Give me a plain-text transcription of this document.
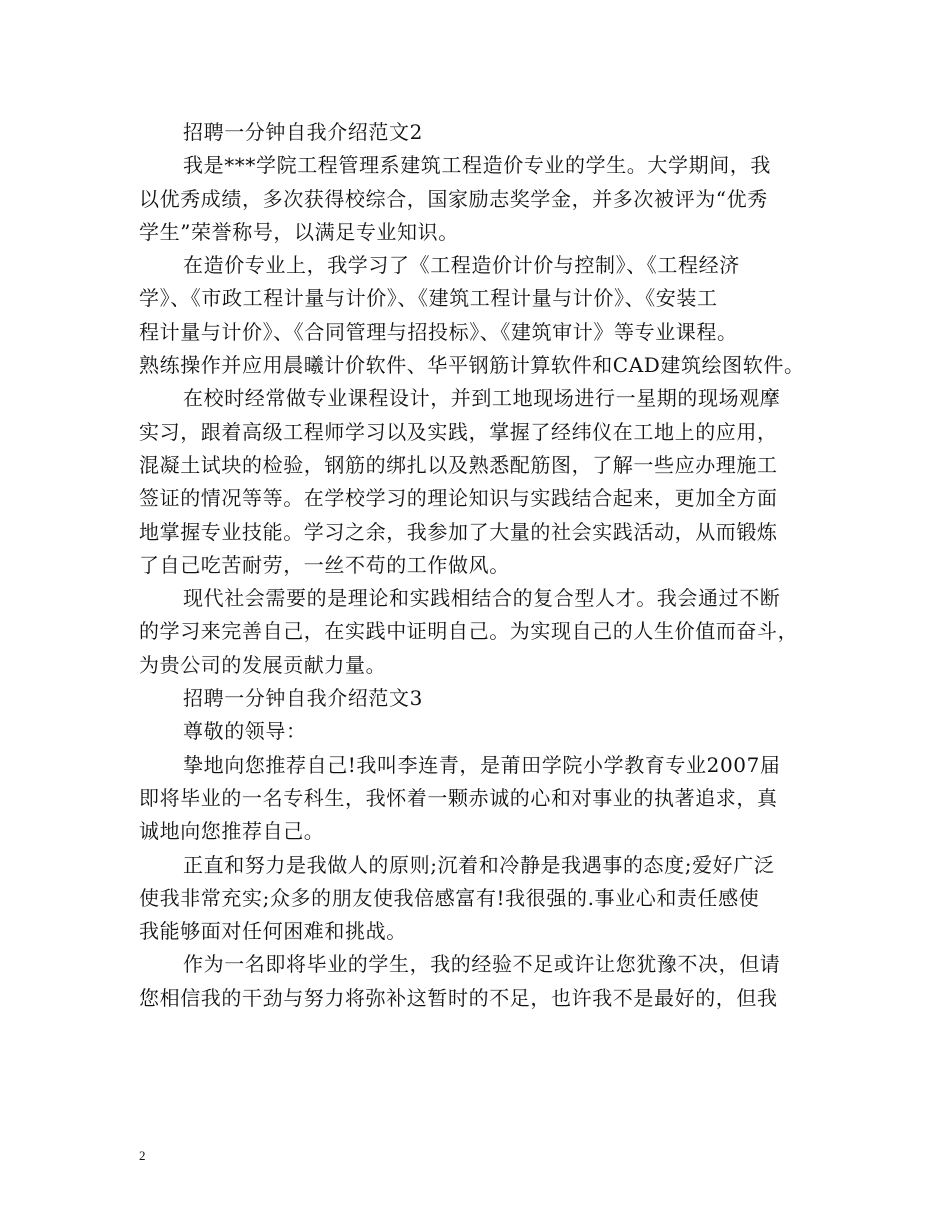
招聘一分钟自我介绍范文2
我是***学院工程管理系建筑工程造价专业的学生。大学期间，我
以优秀成绩，多次获得校综合，国家励志奖学金，并多次被评为“优秀
学生”荣誉称号，以满足专业知识。
在造价专业上，我学习了《工程造价计价与控制》、《工程经济
学》、《市政工程计量与计价》、《建筑工程计量与计价》、《安装工
程计量与计价》、《合同管理与招投标》、《建筑审计》等专业课程。
熟练操作并应用晨曦计价软件、华平钢筋计算软件和CAD建筑绘图软件。
在校时经常做专业课程设计，并到工地现场进行一星期的现场观摩
实习，跟着高级工程师学习以及实践，掌握了经纬仪在工地上的应用，
混凝土试块的检验，钢筋的绑扎以及熟悉配筋图，了解一些应办理施工
签证的情况等等。在学校学习的理论知识与实践结合起来，更加全方面
地掌握专业技能。学习之余，我参加了大量的社会实践活动，从而锻炼
了自己吃苦耐劳，一丝不苟的工作做风。
现代社会需要的是理论和实践相结合的复合型人才。我会通过不断
的学习来完善自己，在实践中证明自己。为实现自己的人生价值而奋斗，
为贵公司的发展贡献力量。
招聘一分钟自我介绍范文3
尊敬的领导：
挚地向您推荐自己!我叫李连青，是莆田学院小学教育专业2007届
即将毕业的一名专科生，我怀着一颗赤诚的心和对事业的执著追求，真
诚地向您推荐自己。
正直和努力是我做人的原则;沉着和冷静是我遇事的态度;爱好广泛
使我非常充实;众多的朋友使我倍感富有!我很强的.事业心和责任感使
我能够面对任何困难和挑战。
作为一名即将毕业的学生，我的经验不足或许让您犹豫不决，但请
您相信我的干劲与努力将弥补这暂时的不足，也许我不是最好的，但我
2
